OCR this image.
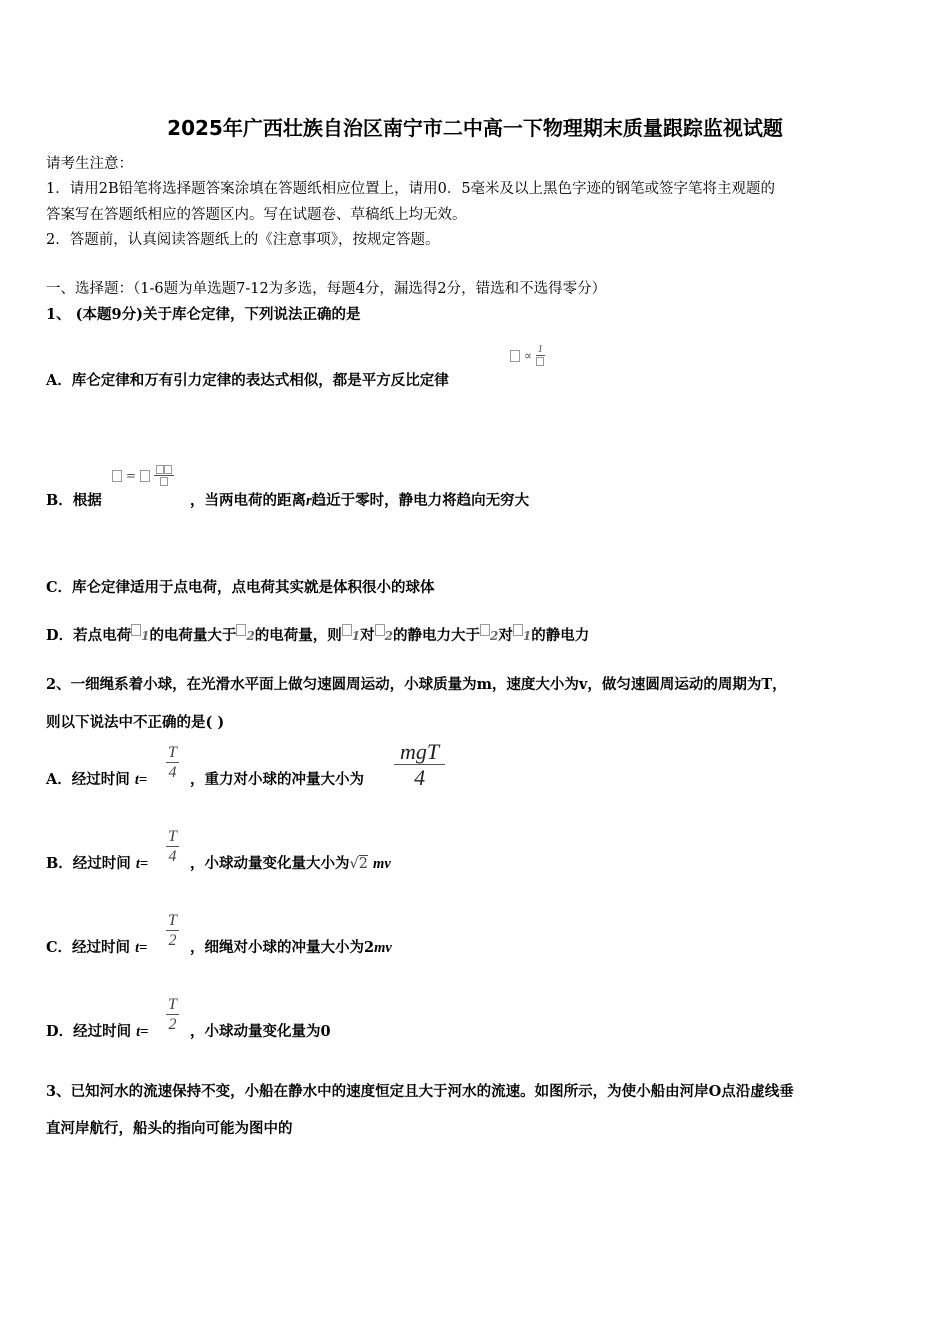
2025年广西壮族自治区南宁市二中高一下物理期末质量跟踪监视试题
请考生注意：
1．请用2B铅笔将选择题答案涂填在答题纸相应位置上，请用0．5毫米及以上黑色字迹的钢笔或签字笔将主观题的
答案写在答题纸相应的答题区内。写在试题卷、草稿纸上均无效。
2．答题前，认真阅读答题纸上的《注意事项》，按规定答题。
一、选择题：（1-6题为单选题7-12为多选，每题4分，漏选得2分，错选和不选得零分）
1、 (本题9分)关于库仑定律，下列说法正确的是
A．库仑定律和万有引力定律的表达式相似，都是平方反比定律
∝ 1
B．根据
=
，当两电荷的距离r趋近于零时，静电力将趋向无穷大
C．库仑定律适用于点电荷，点电荷其实就是体积很小的球体
D．若点电荷 1的电荷量大于 2的电荷量，则 1对 2的静电力大于 2对 1的静电力
2、一细绳系着小球，在光滑水平面上做匀速圆周运动，小球质量为m，速度大小为v，做匀速圆周运动的周期为T，
则以下说法中不正确的是( )
A．经过时间 $t= \frac{T}{4}$ ，重力对小球的冲量大小为 $\frac{\text{mgT}}{4}$
B．经过时间 $t= \frac{T}{4}$ ，小球动量变化量大小为√2 mv
C．经过时间 $t= \frac{T}{2}$ ，细绳对小球的冲量大小为2mv
D．经过时间 $t= \frac{T}{2}$ ，小球动量变化量为0
3、已知河水的流速保持不变，小船在静水中的速度恒定且大于河水的流速。如图所示，为使小船由河岸O点沿虚线垂
直河岸航行，船头的指向可能为图中的
